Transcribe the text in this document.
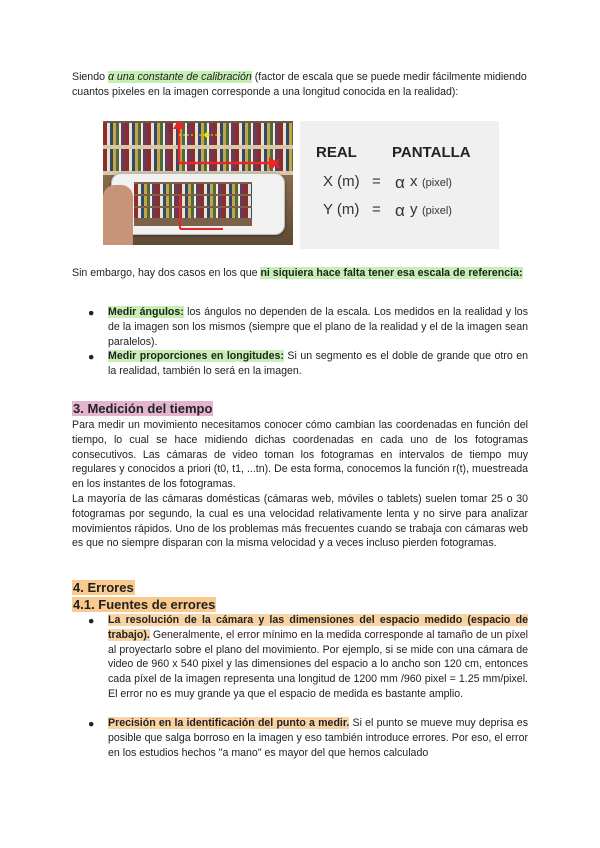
Siendo α una constante de calibración (factor de escala que se puede medir fácilmente midiendo cuantos pixeles en la imagen corresponde a una longitud conocida en la realidad):

x
REAL PANTALLA
X (m) = α x (pixel)
Y (m) = α y (pixel)

Sin embargo, hay dos casos en los que ni siquiera hace falta tener esa escala de referencia:

● Medir ángulos: los ángulos no dependen de la escala. Los medidos en la realidad y los de la imagen son los mismos (siempre que el plano de la realidad y el de la imagen sean paralelos).

● Medir proporciones en longitudes: Si un segmento es el doble de grande que otro en la realidad, también lo será en la imagen.

3. Medición del tiempo

Para medir un movimiento necesitamos conocer cómo cambian las coordenadas en función del tiempo, lo cual se hace midiendo dichas coordenadas en cada uno de los fotogramas consecutivos. Las cámaras de video toman los fotogramas en intervalos de tiempo muy regulares y conocidos a priori (t0, t1, ...tn). De esta forma, conocemos la función r(t), muestreada en los instantes de los fotogramas.

La mayoría de las cámaras domésticas (cámaras web, móviles o tablets) suelen tomar 25 o 30 fotogramas por segundo, la cual es una velocidad relativamente lenta y no sirve para analizar movimientos rápidos. Uno de los problemas más frecuentes cuando se trabaja con cámaras web es que no siempre disparan con la misma velocidad y a veces incluso pierden fotogramas.

4. Errores
4.1. Fuentes de errores
● La resolución de la cámara y las dimensiones del espacio medido (espacio de trabajo). Generalmente, el error mínimo en la medida corresponde al tamaño de un píxel al proyectarlo sobre el plano del movimiento. Por ejemplo, si se mide con una cámara de video de 960 x 540 pixel y las dimensiones del espacio a lo ancho son 120 cm, entonces cada píxel de la imagen representa una longitud de 1200 mm /960 pixel = 1.25 mm/pixel. El error no es muy grande ya que el espacio de medida es bastante amplio.

● Precisión en la identificación del punto a medir. Si el punto se mueve muy deprisa es posible que salga borroso en la imagen y eso también introduce errores. Por eso, el error en los estudios hechos "a mano" es mayor del que hemos calculado
